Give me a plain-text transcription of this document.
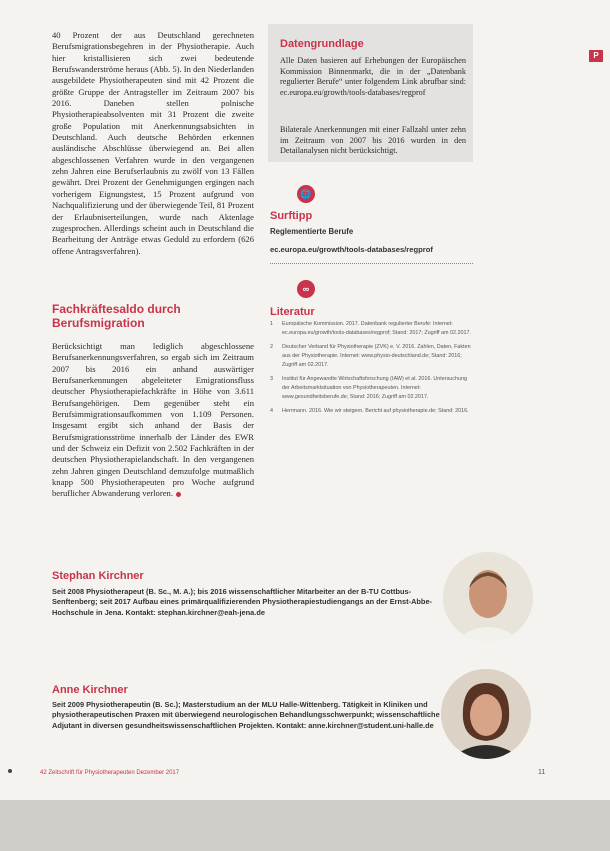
P
40 Prozent der aus Deutschland gerechneten Berufsmigrationsbegehren in der Physiotherapie. Auch hier kristallisieren sich zwei bedeutende Berufswanderströme heraus (Abb. 5). In den Niederlanden ausgebildete Physiotherapeuten sind mit 42 Prozent die größte Gruppe der Antragsteller im Zeitraum 2007 bis 2016. Daneben stellen polnische Physiotherapieabsolventen mit 31 Prozent die zweite große Population mit Anerkennungsabsichten in Deutschland. Auch deutsche Behörden erkennen ausländische Abschlüsse überwiegend an. Bei allen abgeschlossenen Verfahren wurde in den vergangenen zehn Jahren eine Berufserlaubnis zu zwölf von 13 Fällen gewährt. Drei Prozent der Genehmigungen ergingen nach vorherigem Eignungstest, 15 Prozent aufgrund von Nachqualifizierung und der überwiegende Teil, 81 Prozent der Erlaubniserteilungen, wurde nach Aktenlage zugesprochen. Allerdings scheint auch in Deutschland die Bearbeitung der Anträge etwas Geduld zu erfordern (626 offene Antragsverfahren).
Fachkräftesaldo durch Berufsmigration
Berücksichtigt man lediglich abgeschlossene Berufsanerkennungsverfahren, so ergab sich im Zeitraum 2007 bis 2016 ein anhand auswärtiger Berufsanerkennungen abgeleiteter Emigrationsfluss deutscher Physiotherapiefachkräfte in Höhe von 3.611 Berufsangehörigen. Dem gegenüber steht ein Berufsimmigrationsaufkommen von 1.109 Personen. Insgesamt ergibt sich anhand der Basis der Berufsmigrationsströme innerhalb der Länder des EWR und der Schweiz ein Defizit von 2.502 Fachkräften in der deutschen Physiotherapielandschaft. In den vergangenen zehn Jahren gingen Deutschland demzufolge mutmaßlich knapp 500 Physiotherapeuten pro Woche aufgrund beruflicher Abwanderung verloren.
Datengrundlage
Alle Daten basieren auf Erhebungen der Europäischen Kommission Binnenmarkt, die in der „Datenbank regulierter Berufe“ unter folgendem Link abrufbar sind: ec.europa.eu/growth/tools-databases/regprof
Bilaterale Anerkennungen mit einer Fallzahl unter zehn im Zeitraum von 2007 bis 2016 wurden in den Detailanalysen nicht berücksichtigt.
🌐
Surftipp
Reglementierte Berufe
ec.europa.eu/growth/tools-databases/regprof
∞
Literatur
1 Europäische Kommission. 2017. Datenbank regulierter Berufe: Internet: ec.europa.eu/growth/tools-databases/regprof; Stand: 2017; Zugriff am 02.2017.
2 Deutscher Verband für Physiotherapie (ZVK) e. V. 2016. Zahlen, Daten, Fakten aus der Physiotherapie. Internet: www.physio-deutschland.de; Stand: 2016; Zugriff am 02.2017.
3 Institut für Angewandte Wirtschaftsforschung (IAW) et al. 2016. Untersuchung der Arbeitsmarktsituation von Physiotherapeuten. Internet: www.gesundheitsberufe.de; Stand: 2016; Zugriff am 02.2017.
4 Herrmann. 2016. Wie wir steigern. Bericht auf physiotherapie.de; Stand: 2016.
Stephan Kirchner
Seit 2008 Physiotherapeut (B. Sc., M. A.); bis 2016 wissenschaftlicher Mitarbeiter an der B-TU Cottbus-Senftenberg; seit 2017 Aufbau eines primärqualifizierenden Physiotherapiestudiengangs an der Ernst-Abbe-Hochschule in Jena. Kontakt: stephan.kirchner@eah-jena.de
Anne Kirchner
Seit 2009 Physiotherapeutin (B. Sc.); Masterstudium an der MLU Halle-Wittenberg. Tätigkeit in Kliniken und physiotherapeutischen Praxen mit überwiegend neurologischen Behandlungsschwerpunkt; wissenschaftliche Adjutant in diversen gesundheitswissenschaftlichen Projekten. Kontakt: anne.kirchner@student.uni-halle.de
42 Zeitschrift für Physiotherapeuten Dezember 2017	11
